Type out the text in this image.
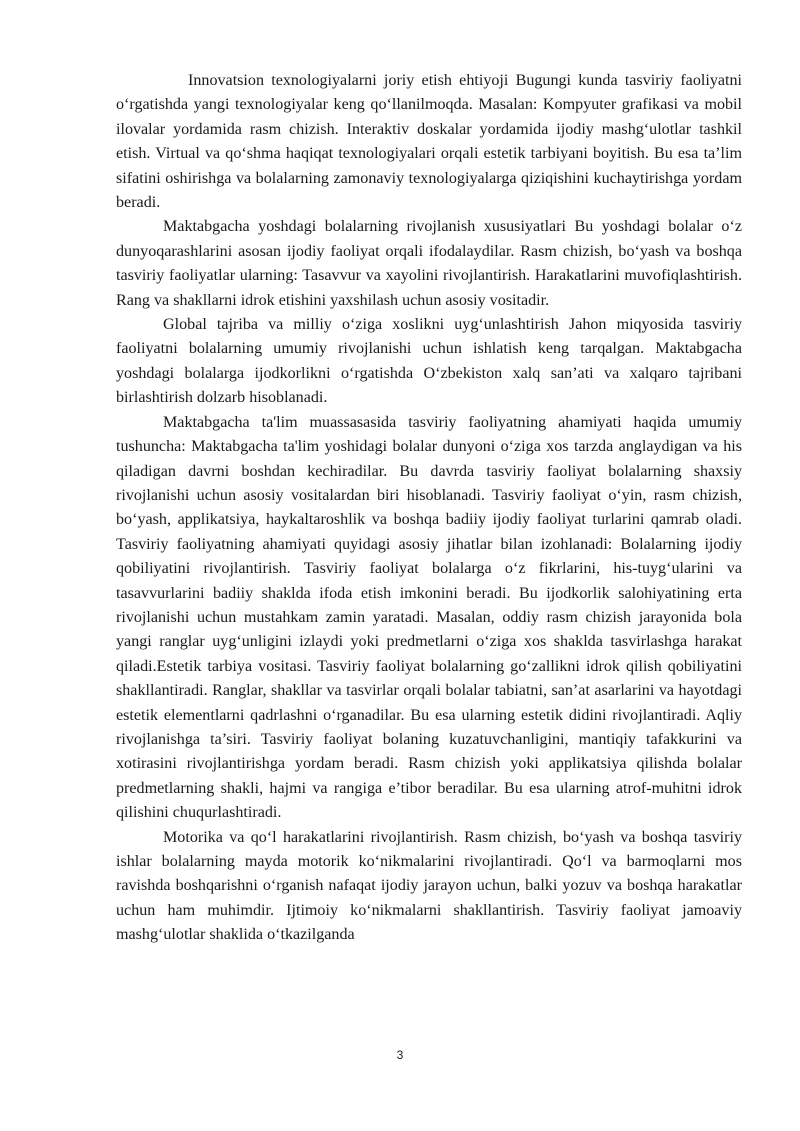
Innovatsion texnologiyalarni joriy etish ehtiyoji Bugungi kunda tasviriy faoliyatni o‘rgatishda yangi texnologiyalar keng qo‘llanilmoqda. Masalan: Kompyuter grafikasi va mobil ilovalar yordamida rasm chizish. Interaktiv doskalar yordamida ijodiy mashg‘ulotlar tashkil etish. Virtual va qo‘shma haqiqat texnologiyalari orqali estetik tarbiyani boyitish. Bu esa ta’lim sifatini oshirishga va bolalarning zamonaviy texnologiyalarga qiziqishini kuchaytirishga yordam beradi.

Maktabgacha yoshdagi bolalarning rivojlanish xususiyatlari Bu yoshdagi bolalar o‘z dunyoqarashlarini asosan ijodiy faoliyat orqali ifodalaydilar. Rasm chizish, bo‘yash va boshqa tasviriy faoliyatlar ularning: Tasavvur va xayolini rivojlantirish. Harakatlarini muvofiqlashtirish. Rang va shakllarni idrok etishini yaxshilash uchun asosiy vositadir.

Global tajriba va milliy o‘ziga xoslikni uyg‘unlashtirish Jahon miqyosida tasviriy faoliyatni bolalarning umumiy rivojlanishi uchun ishlatish keng tarqalgan. Maktabgacha yoshdagi bolalarga ijodkorlikni o‘rgatishda O‘zbekiston xalq san’ati va xalqaro tajribani birlashtirish dolzarb hisoblanadi.

Maktabgacha ta'lim muassasasida tasviriy faoliyatning ahamiyati haqida umumiy tushuncha: Maktabgacha ta'lim yoshidagi bolalar dunyoni o‘ziga xos tarzda anglaydigan va his qiladigan davrni boshdan kechiradilar. Bu davrda tasviriy faoliyat bolalarning shaxsiy rivojlanishi uchun asosiy vositalardan biri hisoblanadi. Tasviriy faoliyat o‘yin, rasm chizish, bo‘yash, applikatsiya, haykaltaroshlik va boshqa badiiy ijodiy faoliyat turlarini qamrab oladi. Tasviriy faoliyatning ahamiyati quyidagi asosiy jihatlar bilan izohlanadi: Bolalarning ijodiy qobiliyatini rivojlantirish. Tasviriy faoliyat bolalarga o‘z fikrlarini, his-tuyg‘ularini va tasavvurlarini badiiy shaklda ifoda etish imkonini beradi. Bu ijodkorlik salohiyatining erta rivojlanishi uchun mustahkam zamin yaratadi. Masalan, oddiy rasm chizish jarayonida bola yangi ranglar uyg‘unligini izlaydi yoki predmetlarni o‘ziga xos shaklda tasvirlashga harakat qiladi.Estetik tarbiya vositasi. Tasviriy faoliyat bolalarning go‘zallikni idrok qilish qobiliyatini shakllantiradi. Ranglar, shakllar va tasvirlar orqali bolalar tabiatni, san’at asarlarini va hayotdagi estetik elementlarni qadrlashni o‘rganadilar. Bu esa ularning estetik didini rivojlantiradi. Aqliy rivojlanishga ta’siri. Tasviriy faoliyat bolaning kuzatuvchanligini, mantiqiy tafakkurini va xotirasini rivojlantirishga yordam beradi. Rasm chizish yoki applikatsiya qilishda bolalar predmetlarning shakli, hajmi va rangiga e’tibor beradilar. Bu esa ularning atrof-muhitni idrok qilishini chuqurlashtiradi.

Motorika va qo‘l harakatlarini rivojlantirish. Rasm chizish, bo‘yash va boshqa tasviriy ishlar bolalarning mayda motorik ko‘nikmalarini rivojlantiradi. Qo‘l va barmoqlarni mos ravishda boshqarishni o‘rganish nafaqat ijodiy jarayon uchun, balki yozuv va boshqa harakatlar uchun ham muhimdir. Ijtimoiy ko‘nikmalarni shakllantirish. Tasviriy faoliyat jamoaviy mashg‘ulotlar shaklida o‘tkazilganda

3
